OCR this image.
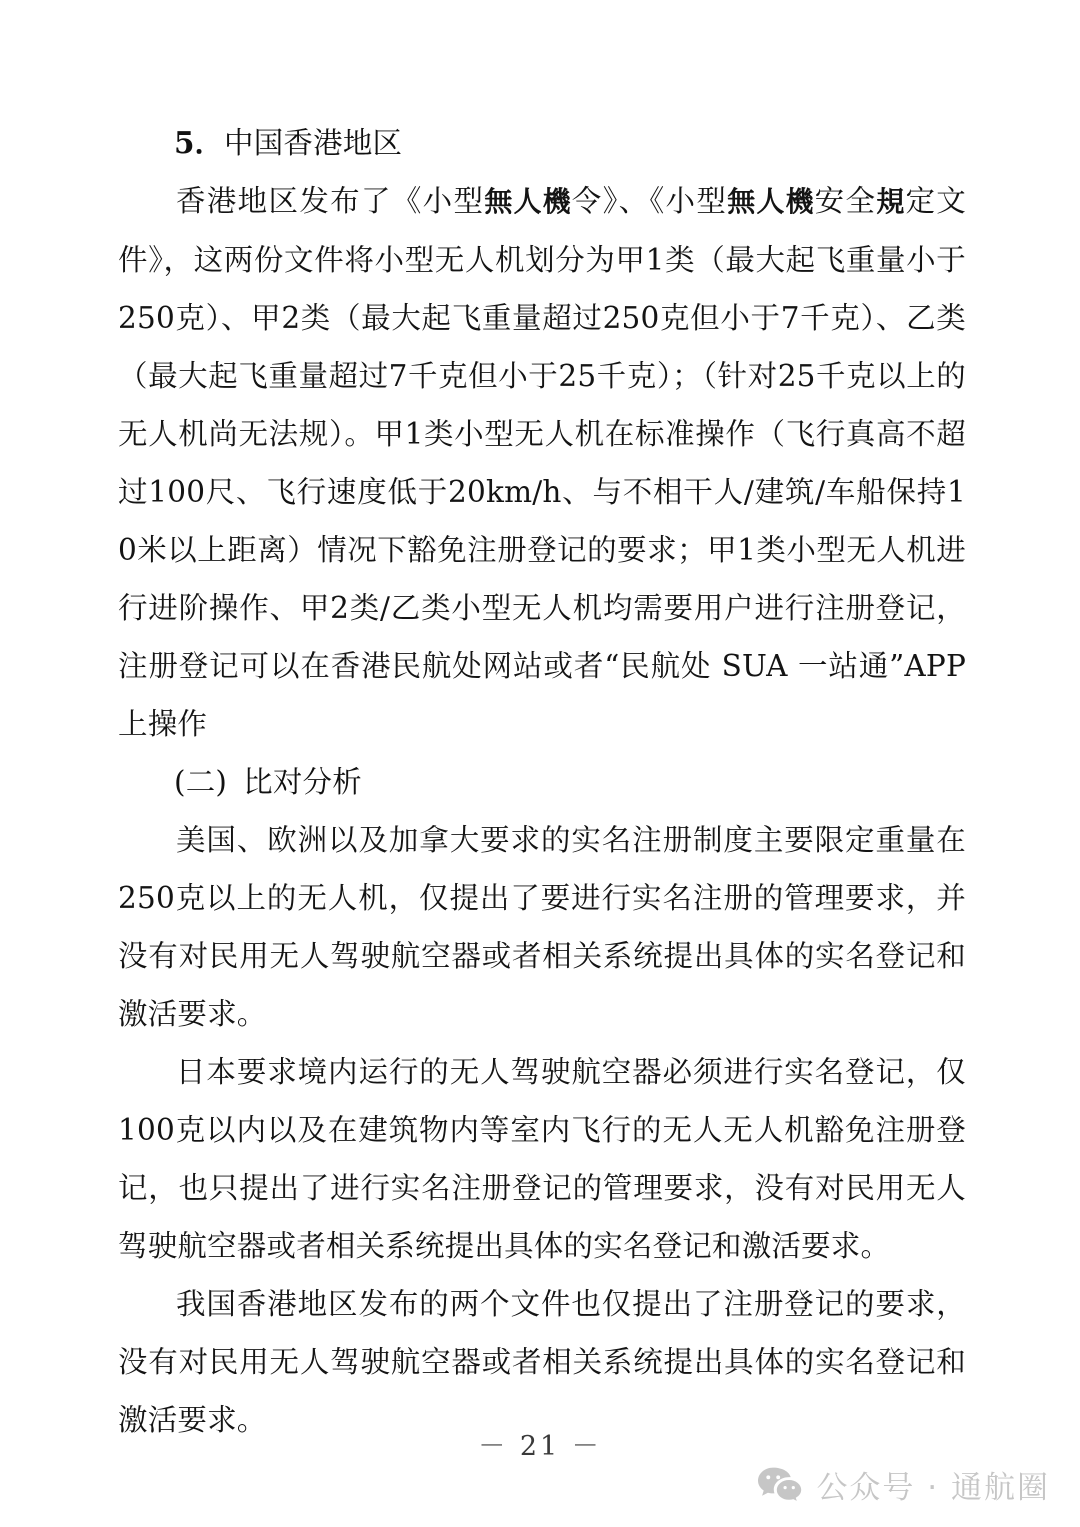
5．中国香港地区

香港地区发布了《小型無人機令》、《小型無人機安全規定文件》，这两份文件将小型无人机划分为甲1类（最大起飞重量小于250克）、甲2类（最大起飞重量超过250克但小于7千克）、乙类（最大起飞重量超过7千克但小于25千克）；（针对25千克以上的无人机尚无法规）。甲1类小型无人机在标准操作（飞行真高不超过100尺、飞行速度低于20km/h、与不相干人/建筑/车船保持10米以上距离）情况下豁免注册登记的要求；甲1类小型无人机进行进阶操作、甲2类/乙类小型无人机均需要用户进行注册登记，注册登记可以在香港民航处网站或者“民航处 SUA 一站通”APP 上操作

(二) 比对分析

美国、欧洲以及加拿大要求的实名注册制度主要限定重量在250克以上的无人机，仅提出了要进行实名注册的管理要求，并没有对民用无人驾驶航空器或者相关系统提出具体的实名登记和激活要求。

日本要求境内运行的无人驾驶航空器必须进行实名登记，仅100克以内以及在建筑物内等室内飞行的无人无人机豁免注册登记，也只提出了进行实名注册登记的管理要求，没有对民用无人驾驶航空器或者相关系统提出具体的实名登记和激活要求。

我国香港地区发布的两个文件也仅提出了注册登记的要求，没有对民用无人驾驶航空器或者相关系统提出具体的实名登记和激活要求。

－ 21 －
公众号 · 通航圈
